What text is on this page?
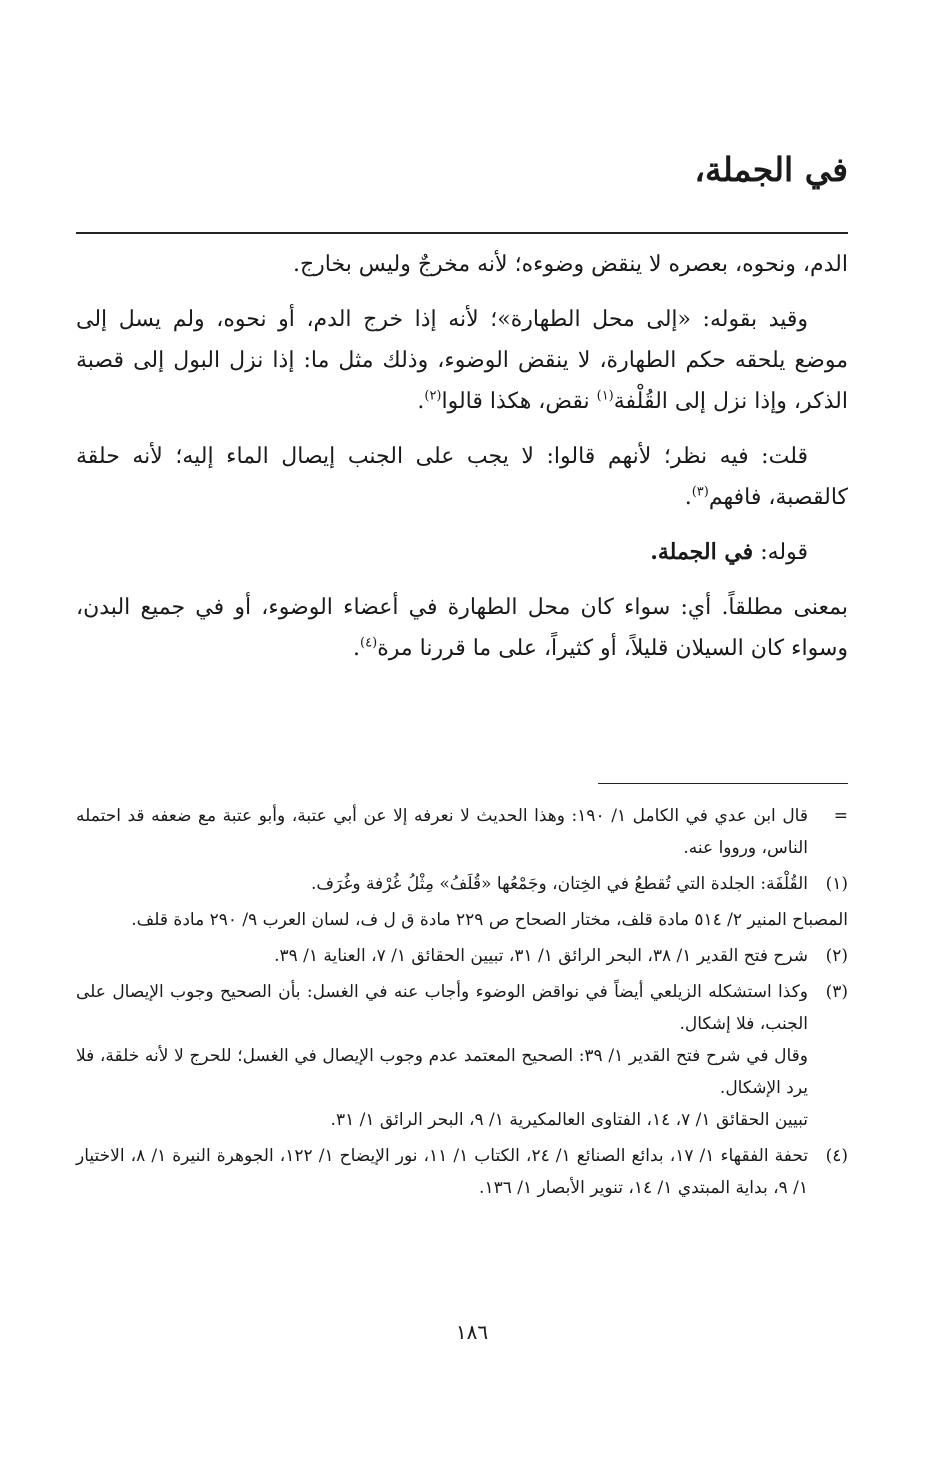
في الجملة،

الدم، ونحوه، بعصره لا ينقض وضوءه؛ لأنه مخرجٌ وليس بخارج.

وقيد بقوله: «إلى محل الطهارة»؛ لأنه إذا خرج الدم، أو نحوه، ولم يسل إلى موضع يلحقه حكم الطهارة، لا ينقض الوضوء، وذلك مثل ما: إذا نزل البول إلى قصبة الذكر، وإذا نزل إلى القُلْفة$^{(١)}$ نقض، هكذا قالوا$^{(٢)}$.

قلت: فيه نظر؛ لأنهم قالوا: لا يجب على الجنب إيصال الماء إليه؛ لأنه حلقة كالقصبة، فافهم$^{(٣)}$.

قوله: في الجملة.

بمعنى مطلقاً. أي: سواء كان محل الطهارة في أعضاء الوضوء، أو في جميع البدن، وسواء كان السيلان قليلاً، أو كثيراً، على ما قررنا مرة$^{(٤)}$.

=

قال ابن عدي في الكامل ١/ ١٩٠: وهذا الحديث لا نعرفه إلا عن أبي عتبة، وأبو عتبة مع ضعفه قد احتمله الناس، ورووا عنه.

(١)

القُلْفَة: الجلدة التي تُقطعُ في الخِتان، وجَمْعُها «قُلَفُ» مِثْلُ غُرْفة وغُرَف.

المصباح المنير ٢/ ٥١٤ مادة قلف، مختار الصحاح ص ٢٢٩ مادة ق ل ف، لسان العرب ٩/ ٢٩٠ مادة قلف.

(٢)

شرح فتح القدير ١/ ٣٨، البحر الرائق ١/ ٣١، تبيين الحقائق ١/ ٧، العناية ١/ ٣٩.

(٣)

وكذا استشكله الزيلعي أيضاً في نواقض الوضوء وأجاب عنه في الغسل: بأن الصحيح وجوب الإيصال على الجنب، فلا إشكال.

وقال في شرح فتح القدير ١/ ٣٩: الصحيح المعتمد عدم وجوب الإيصال في الغسل؛ للحرج لا لأنه خلقة، فلا يرد الإشكال.

تبيين الحقائق ١/ ٧، ١٤، الفتاوى العالمكيرية ١/ ٩، البحر الرائق ١/ ٣١.

(٤)

تحفة الفقهاء ١/ ١٧، بدائع الصنائع ١/ ٢٤، الكتاب ١/ ١١، نور الإيضاح ١/ ١٢٢، الجوهرة النيرة ١/ ٨، الاختيار ١/ ٩، بداية المبتدي ١/ ١٤، تنوير الأبصار ١/ ١٣٦.

١٨٦
